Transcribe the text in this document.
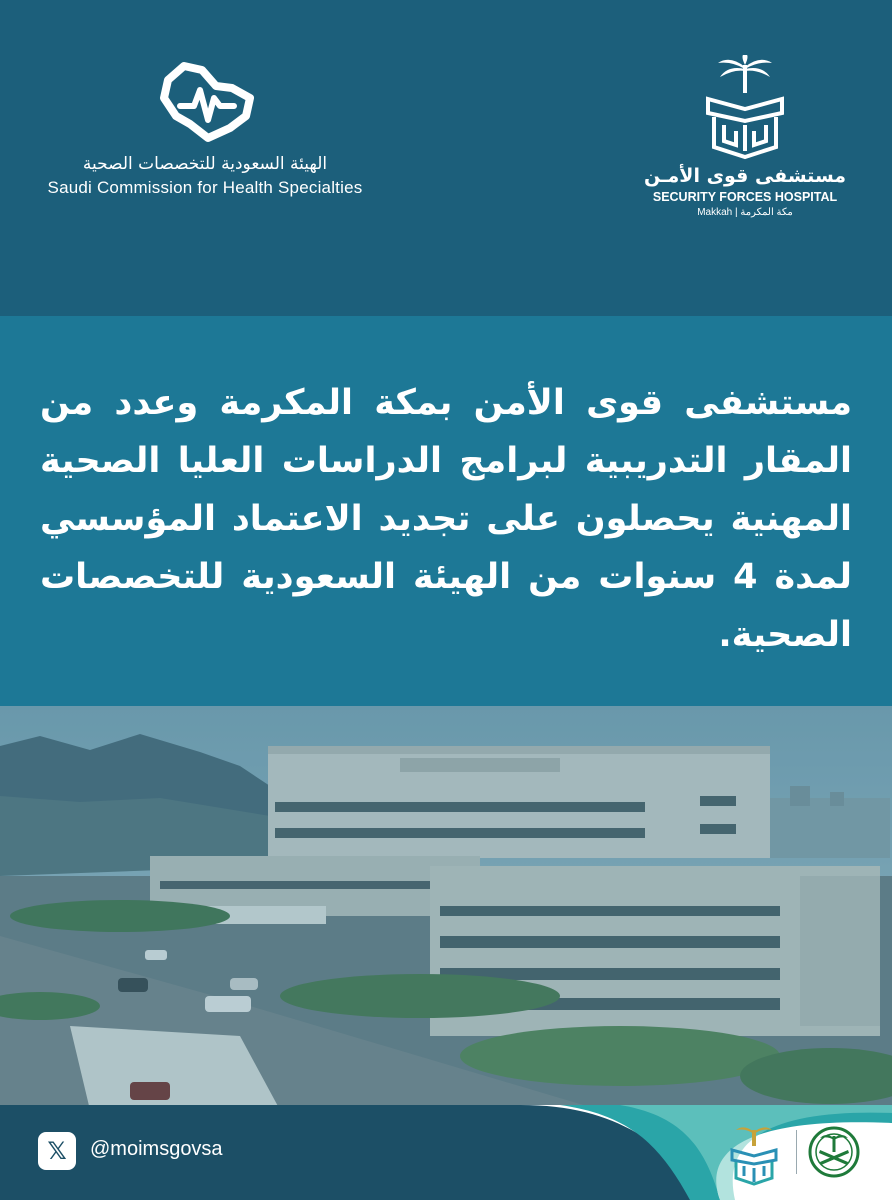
الهيئة السعودية للتخصصات الصحية
Saudi Commission for Health Specialties
مستشفى قوى الأمـن
SECURITY FORCES HOSPITAL
Makkah | مكة المكرمة
مستشفى قوى الأمن بمكة المكرمة وعدد من المقار التدريبية لبرامج الدراسات العليا الصحية المهنية يحصلون على تجديد الاعتماد المؤسسي لمدة 4 سنوات من الهيئة السعودية للتخصصات الصحية.
𝕏	@moimsgovsa
